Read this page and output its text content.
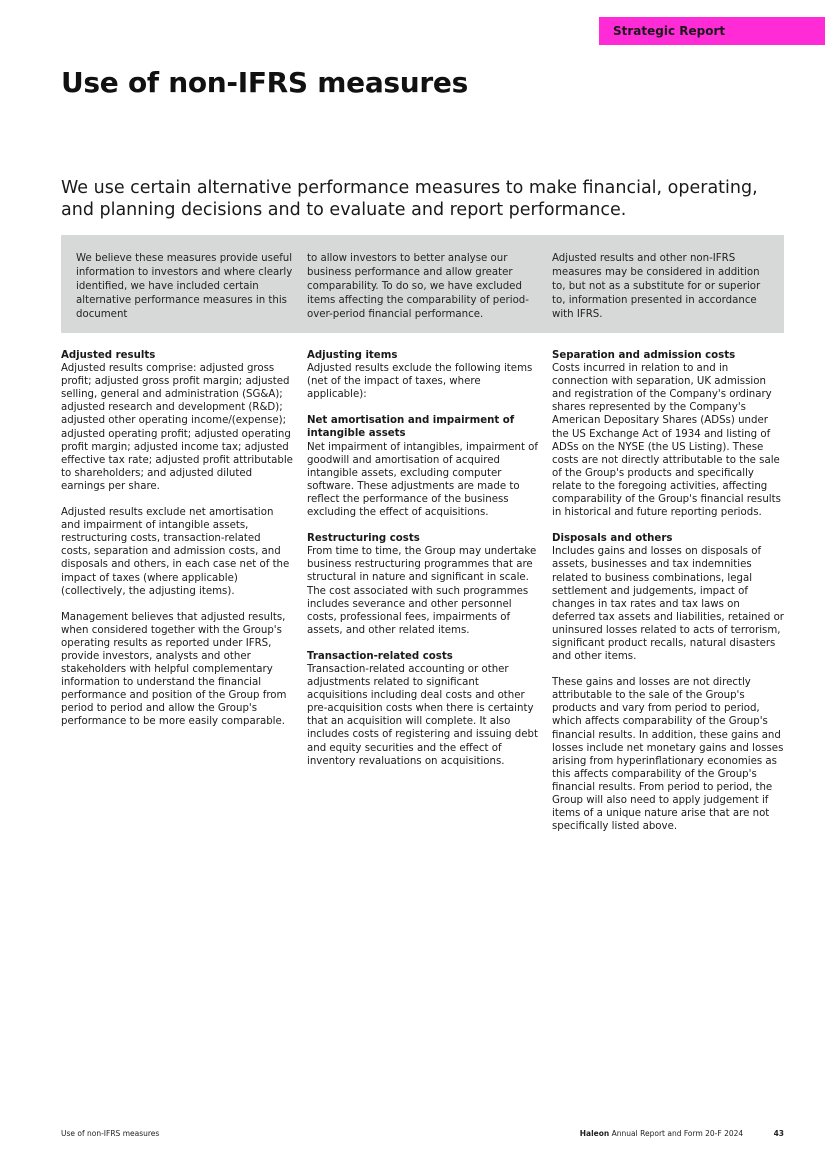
Strategic Report
Use of non-IFRS measures

We use certain alternative performance measures to make financial, operating, and planning decisions and to evaluate and report performance.

We believe these measures provide useful information to investors and where clearly identified, we have included certain alternative performance measures in this document

to allow investors to better analyse our business performance and allow greater comparability. To do so, we have excluded items affecting the comparability of period-over-period financial performance.

Adjusted results and other non-IFRS measures may be considered in addition to, but not as a substitute for or superior to, information presented in accordance with IFRS.

Adjusted results

Adjusted results comprise: adjusted gross profit; adjusted gross profit margin; adjusted selling, general and administration (SG&A); adjusted research and development (R&D); adjusted other operating income/(expense); adjusted operating profit; adjusted operating profit margin; adjusted income tax; adjusted effective tax rate; adjusted profit attributable to shareholders; and adjusted diluted earnings per share.

Adjusted results exclude net amortisation and impairment of intangible assets, restructuring costs, transaction-related costs, separation and admission costs, and disposals and others, in each case net of the impact of taxes (where applicable) (collectively, the adjusting items).

Management believes that adjusted results, when considered together with the Group's operating results as reported under IFRS, provide investors, analysts and other stakeholders with helpful complementary information to understand the financial performance and position of the Group from period to period and allow the Group's performance to be more easily comparable.

Adjusting items

Adjusted results exclude the following items (net of the impact of taxes, where applicable):

Net amortisation and impairment of intangible assets

Net impairment of intangibles, impairment of goodwill and amortisation of acquired intangible assets, excluding computer software. These adjustments are made to reflect the performance of the business excluding the effect of acquisitions.

Restructuring costs

From time to time, the Group may undertake business restructuring programmes that are structural in nature and significant in scale. The cost associated with such programmes includes severance and other personnel costs, professional fees, impairments of assets, and other related items.

Transaction-related costs

Transaction-related accounting or other adjustments related to significant acquisitions including deal costs and other pre-acquisition costs when there is certainty that an acquisition will complete. It also includes costs of registering and issuing debt and equity securities and the effect of inventory revaluations on acquisitions.

Separation and admission costs

Costs incurred in relation to and in connection with separation, UK admission and registration of the Company's ordinary shares represented by the Company's American Depositary Shares (ADSs) under the US Exchange Act of 1934 and listing of ADSs on the NYSE (the US Listing). These costs are not directly attributable to the sale of the Group's products and specifically relate to the foregoing activities, affecting comparability of the Group's financial results in historical and future reporting periods.

Disposals and others

Includes gains and losses on disposals of assets, businesses and tax indemnities related to business combinations, legal settlement and judgements, impact of changes in tax rates and tax laws on deferred tax assets and liabilities, retained or uninsured losses related to acts of terrorism, significant product recalls, natural disasters and other items.

These gains and losses are not directly attributable to the sale of the Group's products and vary from period to period, which affects comparability of the Group's financial results. In addition, these gains and losses include net monetary gains and losses arising from hyperinflationary economies as this affects comparability of the Group's financial results. From period to period, the Group will also need to apply judgement if items of a unique nature arise that are not specifically listed above.

Use of non-IFRS measures	Haleon Annual Report and Form 20-F 2024	43
